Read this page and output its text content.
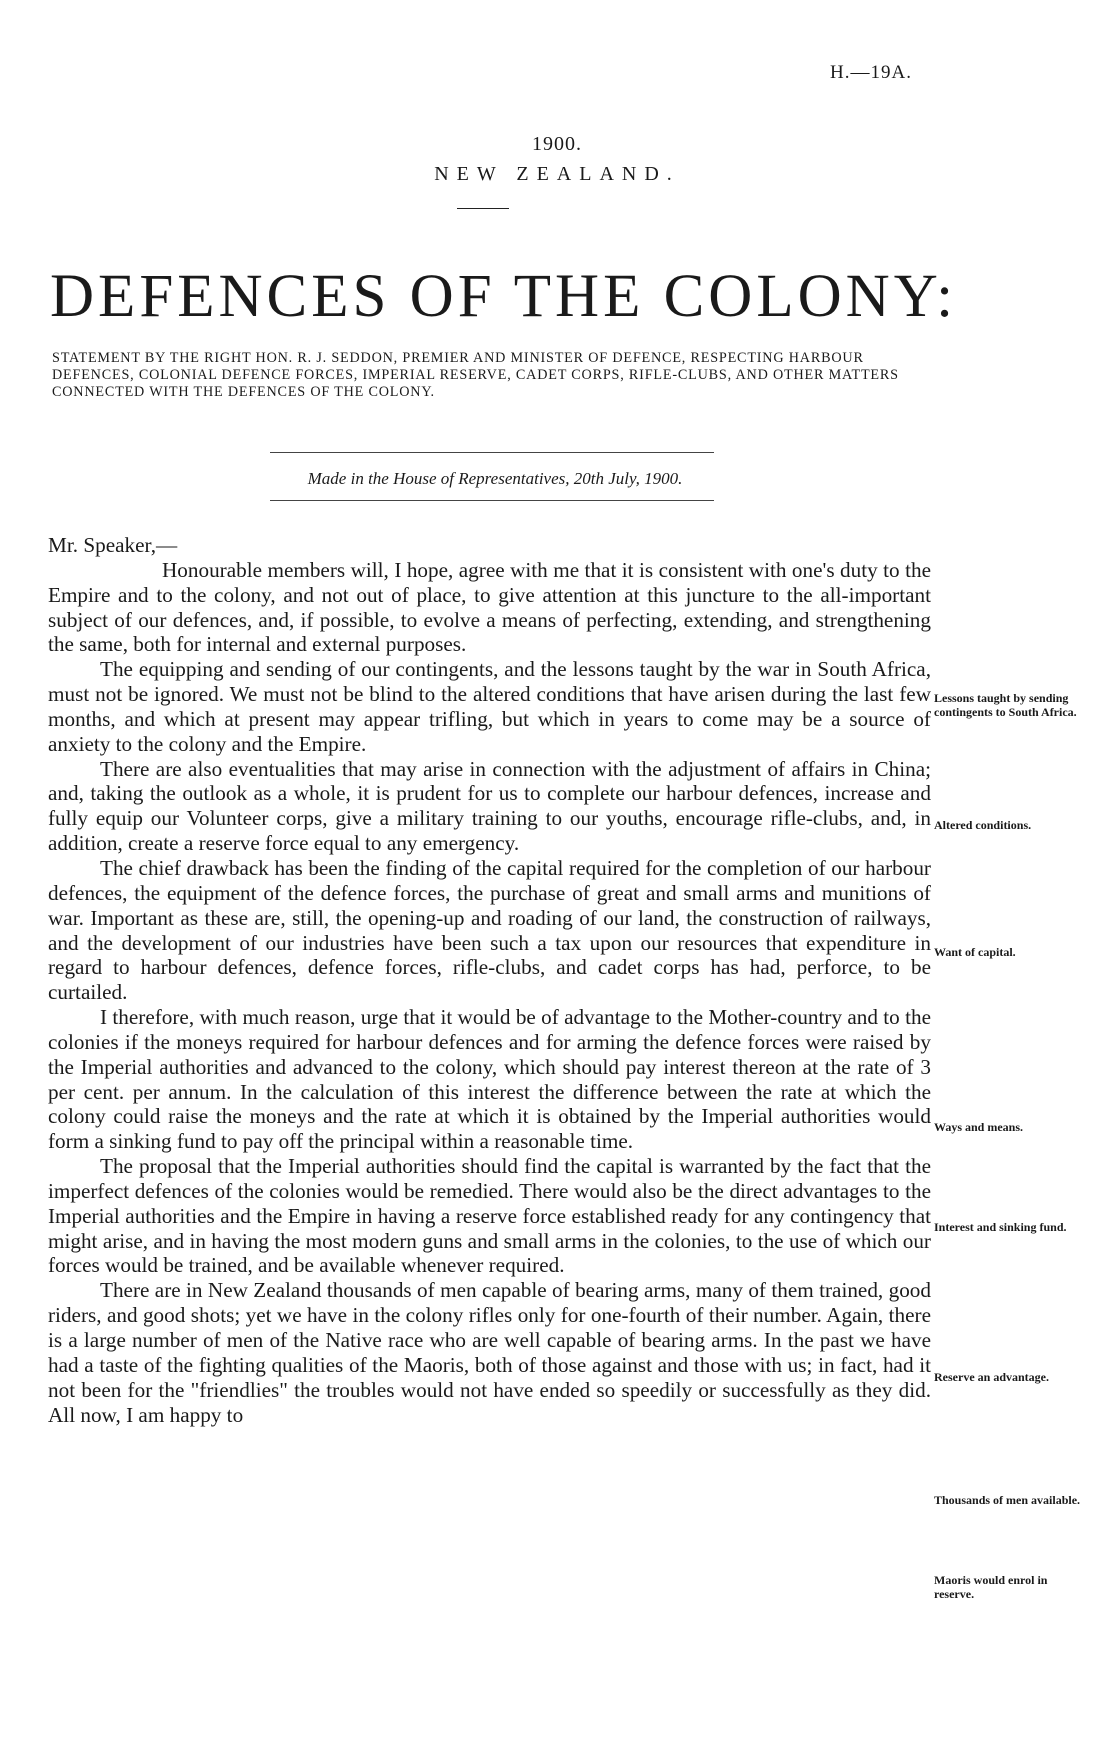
H.—19A.
1900.
NEW ZEALAND.
DEFENCES OF THE COLONY:
STATEMENT BY THE RIGHT HON. R. J. SEDDON, PREMIER AND MINISTER OF DEFENCE, RESPECTING HARBOUR DEFENCES, COLONIAL DEFENCE FORCES, IMPERIAL RESERVE, CADET CORPS, RIFLE-CLUBS, AND OTHER MATTERS CONNECTED WITH THE DEFENCES OF THE COLONY.
Made in the House of Representatives, 20th July, 1900.

Mr. Speaker,—

Honourable members will, I hope, agree with me that it is consistent with one's duty to the Empire and to the colony, and not out of place, to give attention at this juncture to the all-important subject of our defences, and, if possible, to evolve a means of perfecting, extending, and strengthening the same, both for internal and external purposes.

The equipping and sending of our contingents, and the lessons taught by the war in South Africa, must not be ignored. We must not be blind to the altered conditions that have arisen during the last few months, and which at present may appear trifling, but which in years to come may be a source of anxiety to the colony and the Empire.

There are also eventualities that may arise in connection with the adjustment of affairs in China; and, taking the outlook as a whole, it is prudent for us to complete our harbour defences, increase and fully equip our Volunteer corps, give a military training to our youths, encourage rifle-clubs, and, in addition, create a reserve force equal to any emergency.

The chief drawback has been the finding of the capital required for the completion of our harbour defences, the equipment of the defence forces, the purchase of great and small arms and munitions of war. Important as these are, still, the opening-up and roading of our land, the construction of railways, and the development of our industries have been such a tax upon our resources that expenditure in regard to harbour defences, defence forces, rifle-clubs, and cadet corps has had, perforce, to be curtailed.

I therefore, with much reason, urge that it would be of advantage to the Mother-country and to the colonies if the moneys required for harbour defences and for arming the defence forces were raised by the Imperial authorities and advanced to the colony, which should pay interest thereon at the rate of 3 per cent. per annum. In the calculation of this interest the difference between the rate at which the colony could raise the moneys and the rate at which it is obtained by the Imperial authorities would form a sinking fund to pay off the principal within a reasonable time.

The proposal that the Imperial authorities should find the capital is warranted by the fact that the imperfect defences of the colonies would be remedied. There would also be the direct advantages to the Imperial authorities and the Empire in having a reserve force established ready for any contingency that might arise, and in having the most modern guns and small arms in the colonies, to the use of which our forces would be trained, and be available whenever required.

There are in New Zealand thousands of men capable of bearing arms, many of them trained, good riders, and good shots; yet we have in the colony rifles only for one-fourth of their number. Again, there is a large number of men of the Native race who are well capable of bearing arms. In the past we have had a taste of the fighting qualities of the Maoris, both of those against and those with us; in fact, had it not been for the "friendlies" the troubles would not have ended so speedily or successfully as they did. All now, I am happy to

Lessons taught by sending contingents to South Africa.
Altered conditions.
Want of capital.
Ways and means.
Interest and sinking fund.
Reserve an advantage.
Thousands of men available.
Maoris would enrol in reserve.
